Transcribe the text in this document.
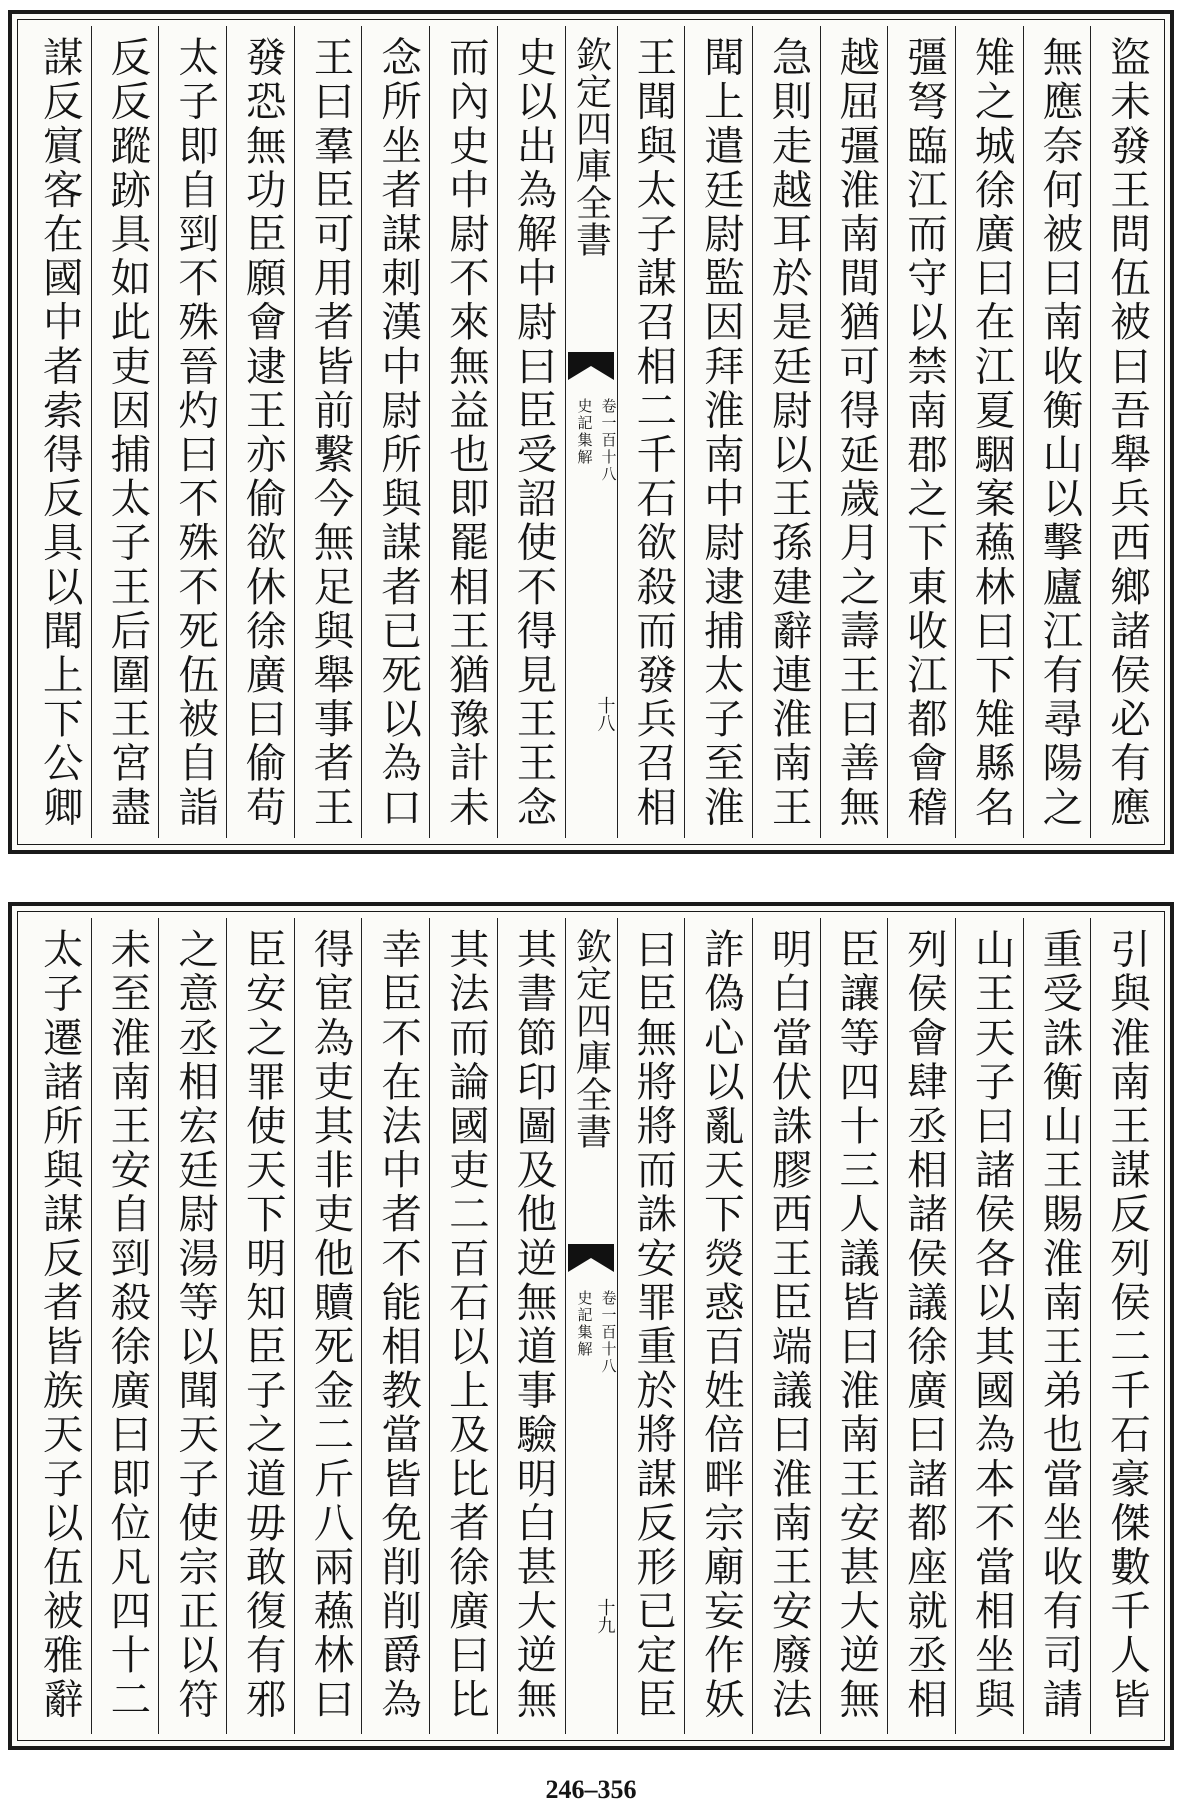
盜未發王問伍被曰吾舉兵西鄉諸侯必有應
無應奈何被曰南收衡山以擊廬江有尋陽之
雉之城徐廣曰在江夏駰案蘓林曰下雉縣名
彊弩臨江而守以禁南郡之下東收江都會稽
越屈彊淮南間猶可得延歲月之壽王曰善無
急則走越耳於是廷尉以王孫建辭連淮南王
聞上遣廷尉監因拜淮南中尉逮捕太子至淮
王聞與太子謀召相二千石欲殺而發兵召相
欽定四庫全書
史記集解 卷一百十八
十八
史以出為解中尉曰臣受詔使不得見王王念
而內史中尉不來無益也即罷相王猶豫計未
念所坐者謀刺漢中尉所與謀者已死以為口
王曰羣臣可用者皆前繫今無足與舉事者王
發恐無功臣願會逮王亦偷欲休徐廣曰偷苟
太子即自剄不殊晉灼曰不殊不死伍被自詣
反反蹤跡具如此吏因捕太子王后圍王宮盡
謀反賔客在國中者索得反具以聞上下公卿
引與淮南王謀反列侯二千石豪傑數千人皆
重受誅衡山王賜淮南王弟也當坐收有司請
山王天子曰諸侯各以其國為本不當相坐與
列侯會肆丞相諸侯議徐廣曰諸都座就丞相
臣讓等四十三人議皆曰淮南王安甚大逆無
明白當伏誅膠西王臣端議曰淮南王安廢法
詐偽心以亂天下熒惑百姓倍畔宗廟妄作妖
曰臣無將將而誅安罪重於將謀反形已定臣
欽定四庫全書
史記集解 卷一百十八
十九
其書節印圖及他逆無道事驗明白甚大逆無
其法而論國吏二百石以上及比者徐廣曰比
幸臣不在法中者不能相教當皆免削削爵為
得宦為吏其非吏他贖死金二斤八兩蘓林曰
臣安之罪使天下明知臣子之道毋敢復有邪
之意丞相宏廷尉湯等以聞天子使宗正以符
未至淮南王安自剄殺徐廣曰即位凡四十二
太子遷諸所與謀反者皆族天子以伍被雅辭
246–356
